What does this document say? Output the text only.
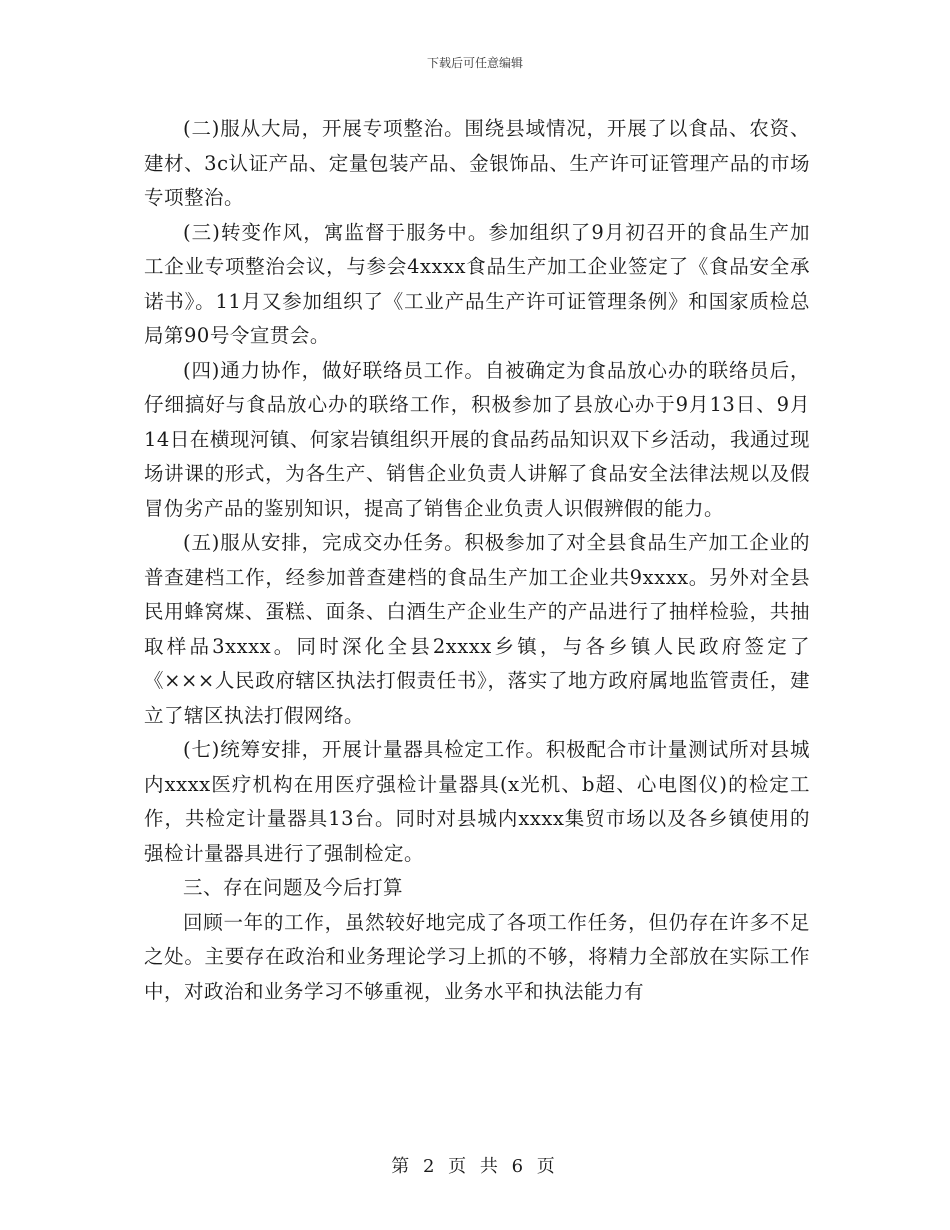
下载后可任意编辑

(二)服从大局，开展专项整治。围绕县域情况，开展了以食品、农资、建材、3c认证产品、定量包装产品、金银饰品、生产许可证管理产品的市场专项整治。

(三)转变作风，寓监督于服务中。参加组织了9月初召开的食品生产加工企业专项整治会议，与参会4xxxx食品生产加工企业签定了《食品安全承诺书》。11月又参加组织了《工业产品生产许可证管理条例》和国家质检总局第90号令宣贯会。

(四)通力协作，做好联络员工作。自被确定为食品放心办的联络员后，仔细搞好与食品放心办的联络工作，积极参加了县放心办于9月13日、9月14日在横现河镇、何家岩镇组织开展的食品药品知识双下乡活动，我通过现场讲课的形式，为各生产、销售企业负责人讲解了食品安全法律法规以及假冒伪劣产品的鉴别知识，提高了销售企业负责人识假辨假的能力。

(五)服从安排，完成交办任务。积极参加了对全县食品生产加工企业的普查建档工作，经参加普查建档的食品生产加工企业共9xxxx。另外对全县民用蜂窝煤、蛋糕、面条、白酒生产企业生产的产品进行了抽样检验，共抽取样品3xxxx。同时深化全县2xxxx乡镇，与各乡镇人民政府签定了《×××人民政府辖区执法打假责任书》，落实了地方政府属地监管责任，建立了辖区执法打假网络。

(七)统筹安排，开展计量器具检定工作。积极配合市计量测试所对县城内xxxx医疗机构在用医疗强检计量器具(x光机、b超、心电图仪)的检定工作，共检定计量器具13台。同时对县城内xxxx集贸市场以及各乡镇使用的强检计量器具进行了强制检定。

三、存在问题及今后打算

回顾一年的工作，虽然较好地完成了各项工作任务，但仍存在许多不足之处。主要存在政治和业务理论学习上抓的不够，将精力全部放在实际工作中，对政治和业务学习不够重视，业务水平和执法能力有

第 2 页 共 6 页
